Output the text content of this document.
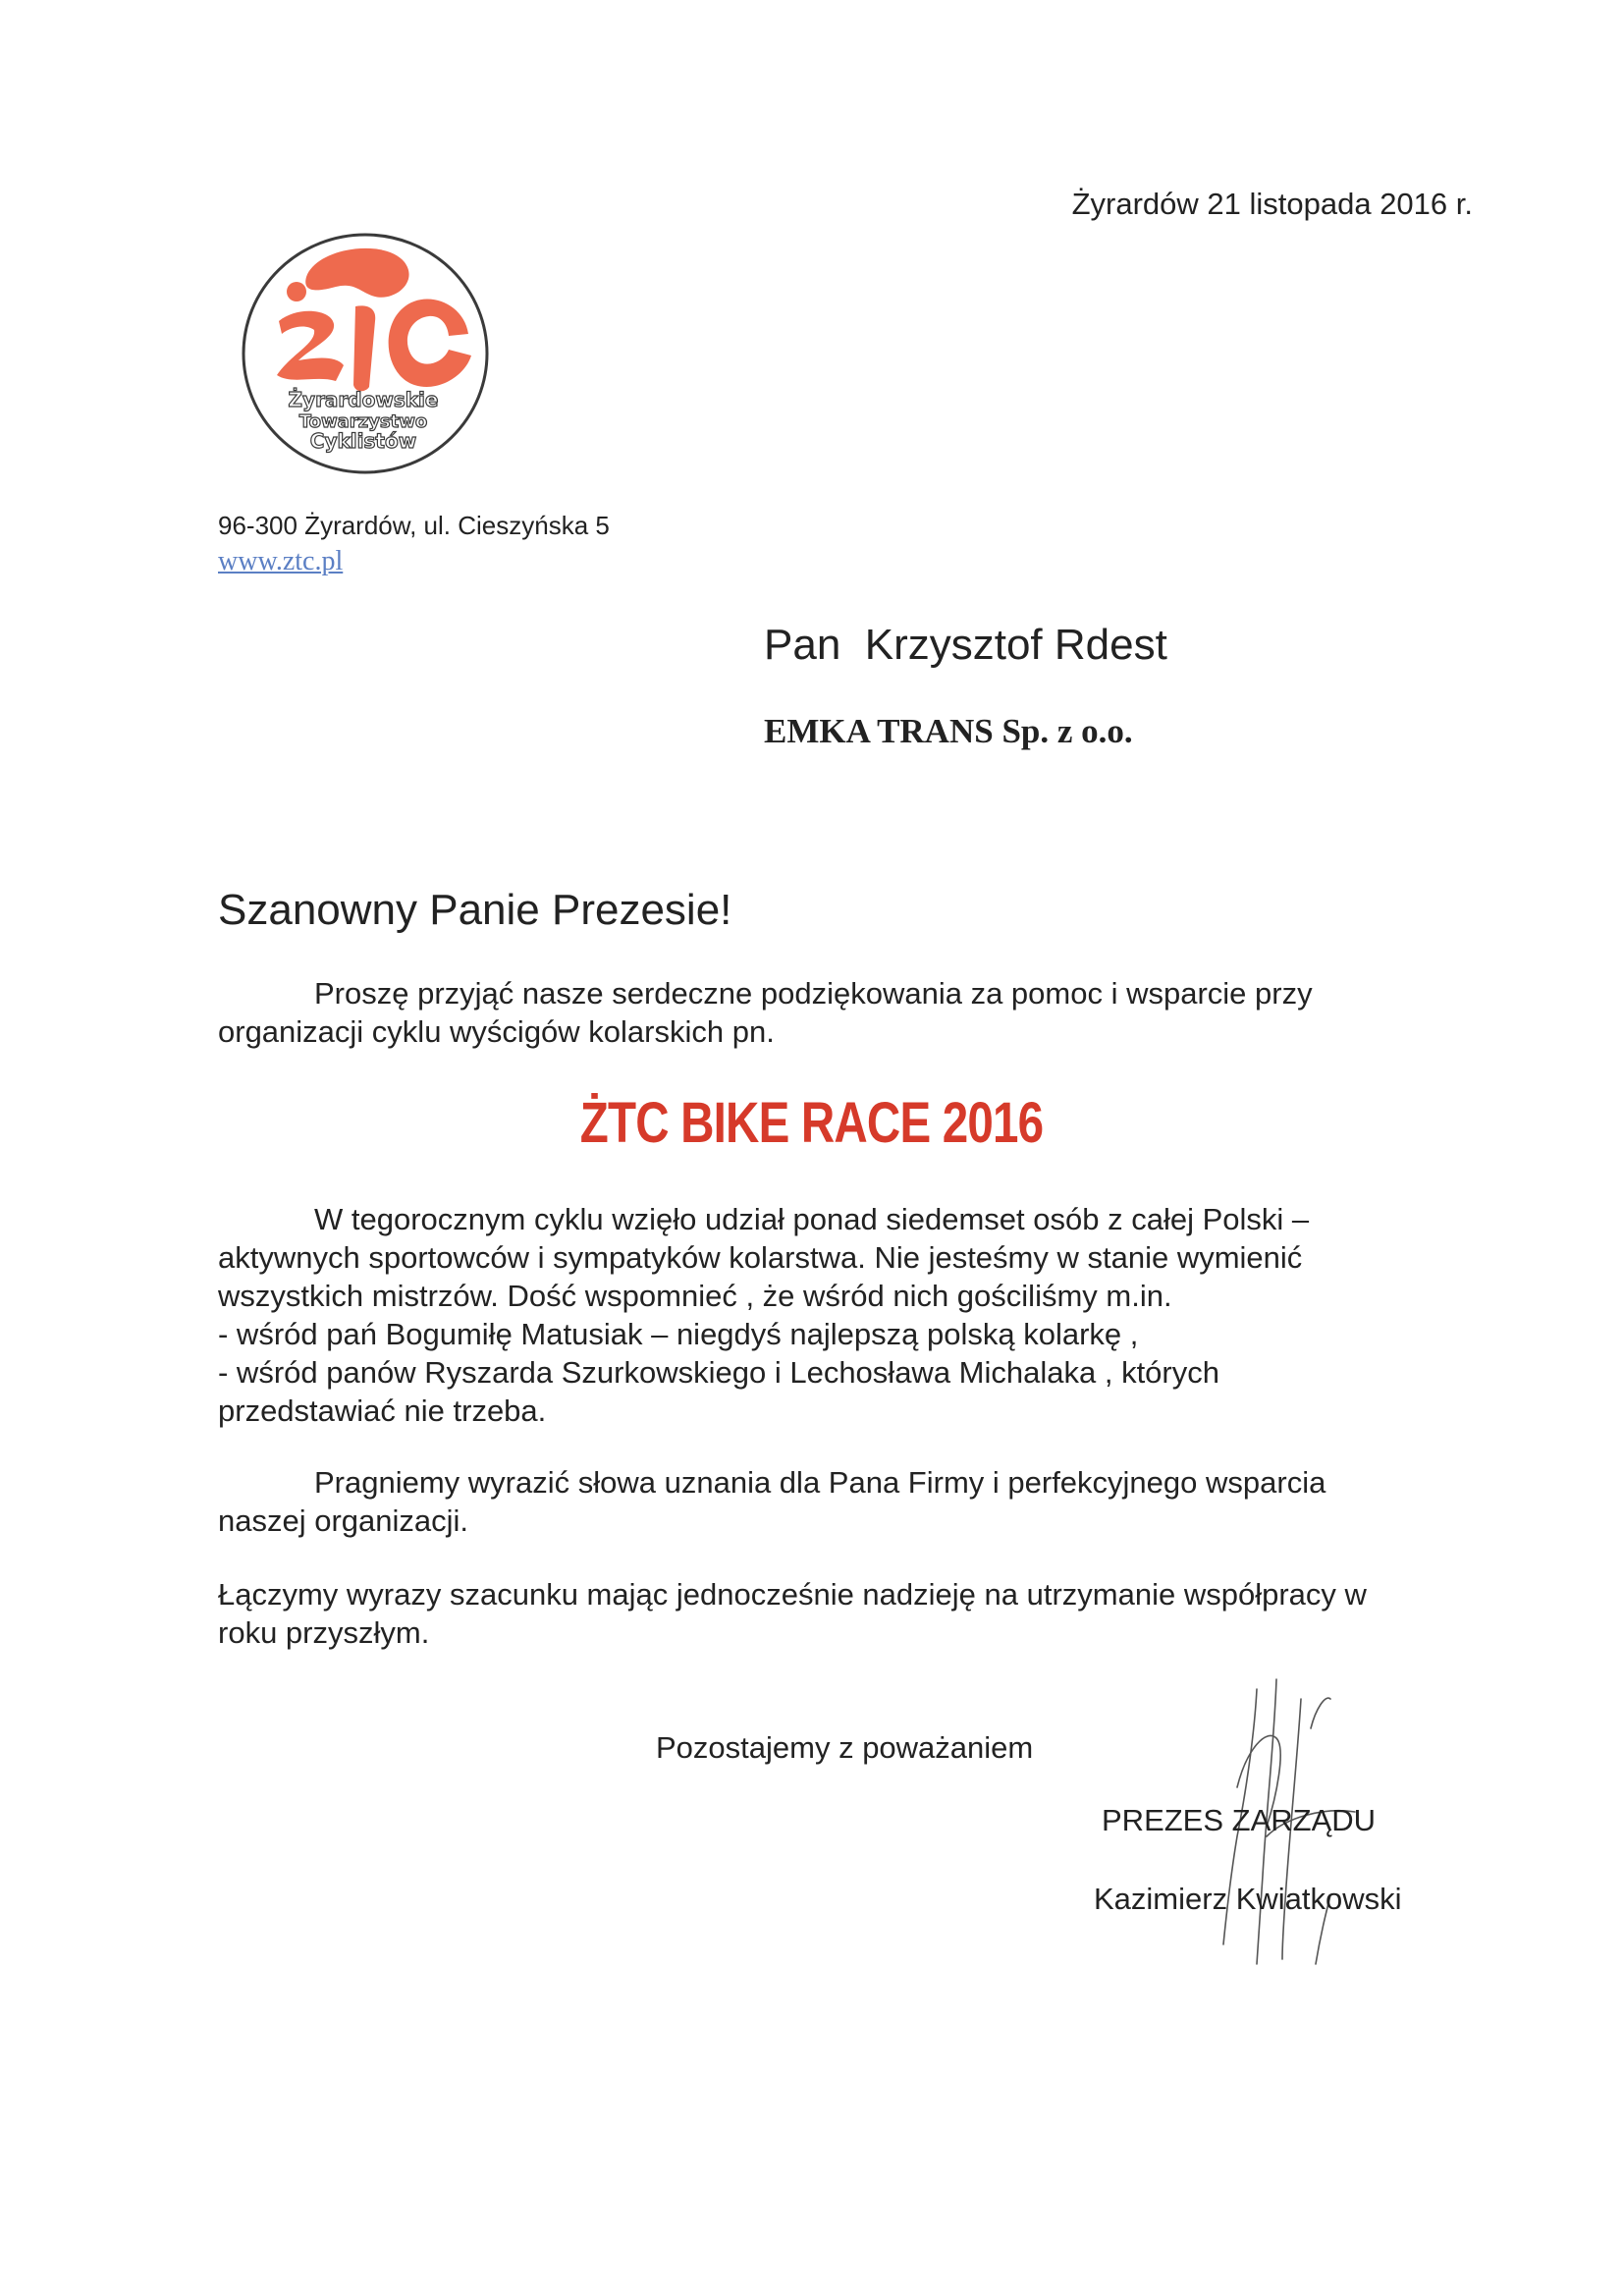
Żyrardów 21 listopada 2016 r.
Żyrardowskie
Towarzystwo
Cyklistów
96-300 Żyrardów, ul. Cieszyńska 5
www.ztc.pl
Pan  Krzysztof Rdest
EMKA TRANS Sp. z o.o.
Szanowny Panie Prezesie!
Proszę przyjąć nasze serdeczne podziękowania za pomoc i wsparcie przy
organizacji cyklu wyścigów kolarskich pn.
ŻTC BIKE RACE 2016
W tegorocznym cyklu wzięło udział ponad siedemset osób z całej Polski –
aktywnych sportowców i sympatyków kolarstwa. Nie jesteśmy w stanie wymienić
wszystkich mistrzów. Dość wspomnieć , że wśród nich gościliśmy m.in.
- wśród pań Bogumiłę Matusiak – niegdyś najlepszą polską kolarkę ,
- wśród panów Ryszarda Szurkowskiego i Lechosława Michalaka , których
przedstawiać nie trzeba.
Pragniemy wyrazić słowa uznania dla Pana Firmy i perfekcyjnego wsparcia
naszej organizacji.
Łączymy wyrazy szacunku mając jednocześnie nadzieję na utrzymanie współpracy w
roku przyszłym.
Pozostajemy z poważaniem
PREZES ZARZĄDU
Kazimierz Kwiatkowski
